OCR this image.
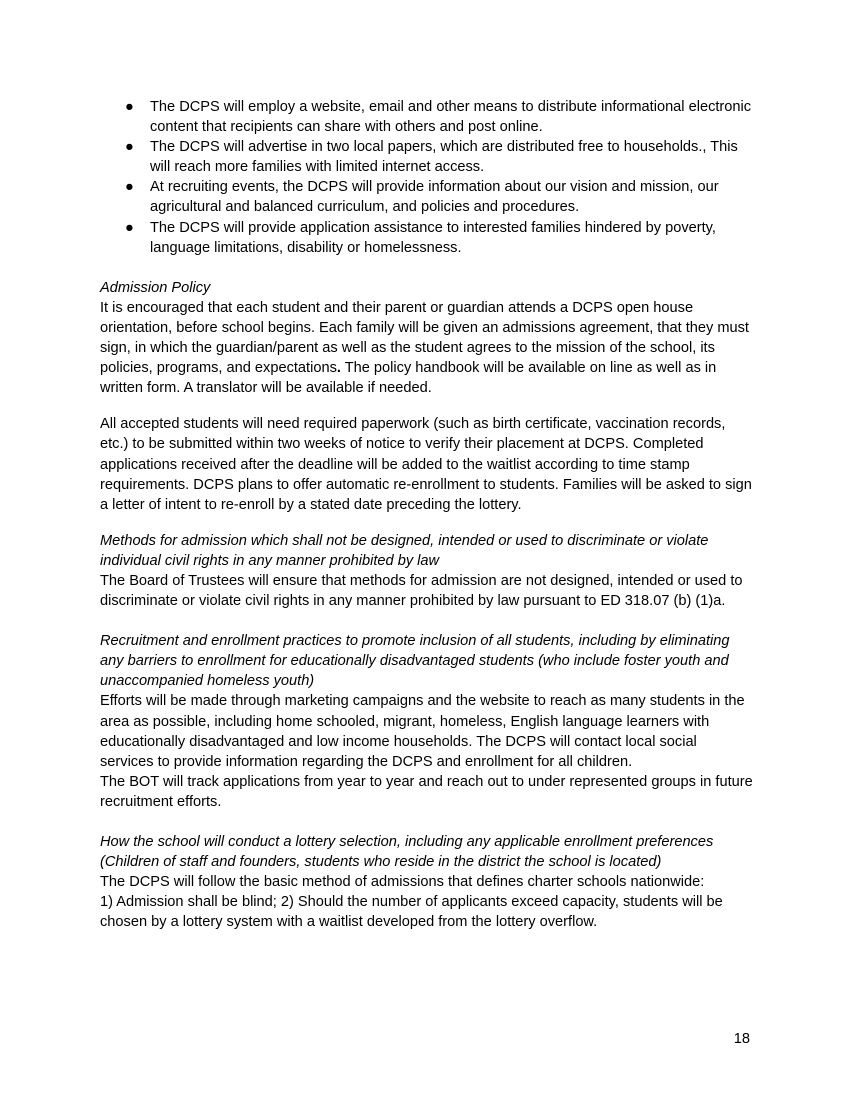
● The DCPS will employ a website, email and other means to distribute informational electronic content that recipients can share with others and post online.
● The DCPS will advertise in two local papers, which are distributed free to households., This will reach more families with limited internet access.
● At recruiting events, the DCPS will provide information about our vision and mission, our agricultural and balanced curriculum, and policies and procedures.
● The DCPS will provide application assistance to interested families hindered by poverty, language limitations, disability or homelessness.

Admission Policy

It is encouraged that each student and their parent or guardian attends a DCPS open house orientation, before school begins. Each family will be given an admissions agreement, that they must sign, in which the guardian/parent as well as the student agrees to the mission of the school, its policies, programs, and expectations. The policy handbook will be available on line as well as in written form. A translator will be available if needed.

All accepted students will need required paperwork (such as birth certificate, vaccination records, etc.) to be submitted within two weeks of notice to verify their placement at DCPS. Completed applications received after the deadline will be added to the waitlist according to time stamp requirements. DCPS plans to offer automatic re-enrollment to students. Families will be asked to sign a letter of intent to re-enroll by a stated date preceding the lottery.

Methods for admission which shall not be designed, intended or used to discriminate or violate individual civil rights in any manner prohibited by law

The Board of Trustees will ensure that methods for admission are not designed, intended or used to discriminate or violate civil rights in any manner prohibited by law pursuant to ED 318.07 (b) (1)a.

Recruitment and enrollment practices to promote inclusion of all students, including by eliminating any barriers to enrollment for educationally disadvantaged students (who include foster youth and unaccompanied homeless youth)

Efforts will be made through marketing campaigns and the website to reach as many students in the area as possible, including home schooled, migrant, homeless, English language learners with educationally disadvantaged and low income households. The DCPS will contact local social services to provide information regarding the DCPS and enrollment for all children.

The BOT will track applications from year to year and reach out to under represented groups in future recruitment efforts.

How the school will conduct a lottery selection, including any applicable enrollment preferences (Children of staff and founders, students who reside in the district the school is located)

The DCPS will follow the basic method of admissions that defines charter schools nationwide:

1) Admission shall be blind; 2) Should the number of applicants exceed capacity, students will be chosen by a lottery system with a waitlist developed from the lottery overflow.

18
